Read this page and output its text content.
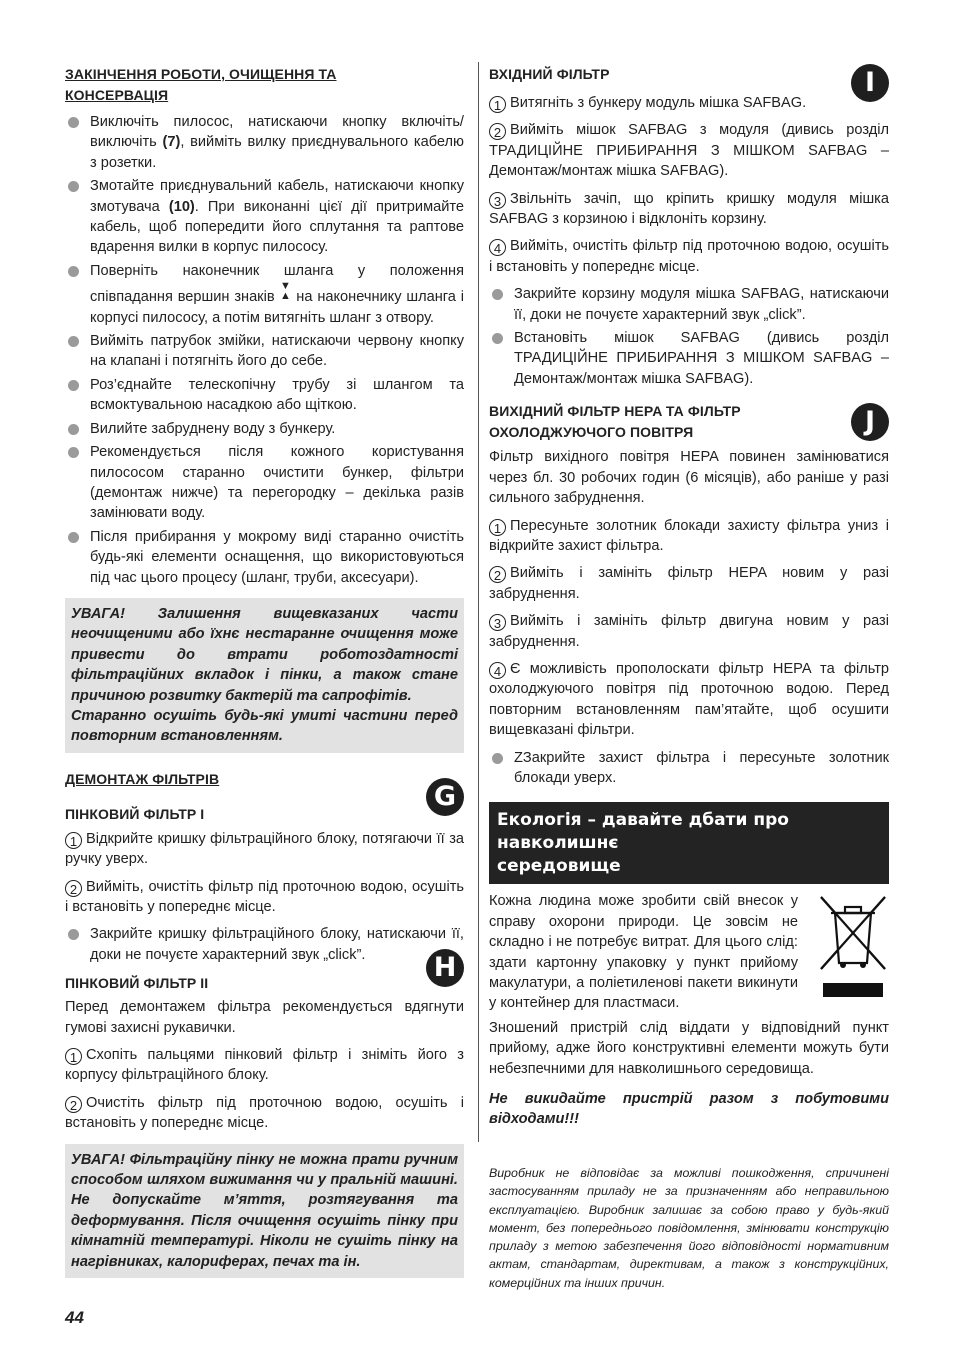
ЗАКІНЧЕННЯ РОБОТИ, ОЧИЩЕННЯ ТА
КОНСЕРВАЦІЯ
Виключіть пилосос, натискаючи кнопку включіть/виключіть (7), вийміть вилку приєднувального кабелю з розетки.
Змотайте приєднувальний кабель, натискаючи кнопку змотувача (10). При виконанні цієї дії притримайте кабель, щоб попередити його сплутання та раптове вдарення вилки в корпус пилососу.
Поверніть наконечник шланга у положення співпадання вершин знаків ▼
▲ на наконечнику шланга і корпусі пилососу, а потім витягніть шланг з отвору.
Вийміть патрубок змійки, натискаючи червону кнопку на клапані і потягніть його до себе.
Роз’єднайте телескопічну трубу зі шлангом та всмоктувальною насадкою або щіткою.
Вилийте забруднену воду з бункеру.
Рекомендується після кожного користування пилососом старанно очистити бункер, фільтри (демонтаж нижче) та перегородку – декілька разів замінювати воду.
Після прибирання у мокрому виді старанно очистіть будь-які елементи оснащення, що використовуються під час цього процесу (шланг, труби, аксесуари).
УВАГА! Залишення вищевказаних части неочищеними або їхнє нестаранне очищення може привести до втрати роботоздатності фільтраційних вкладок і пінки, а також стане причиною розвитку бактерій та сапрофітів.
Старанно осушіть будь-які умиті частини перед повторним встановленням.
ДЕМОНТАЖ ФІЛЬТРІВ
ПІНКОВИЙ ФІЛЬТР I
G
1 Відкрийте кришку фільтраційного блоку, потягаючи її за ручку уверх.
2 Вийміть, очистіть фільтр під проточною водою, осушіть і встановіть у попереднє місце.
Закрийте кришку фільтраційного блоку, натискаючи її, доки не почуєте характерний звук „click”.
ПІНКОВИЙ ФІЛЬТР II	H
Перед демонтажем фільтра рекомендується вдягнути гумові захисні рукавички.
1 Схопіть пальцями пінковий фільтр і зніміть його з корпусу фільтраційного блоку.
2 Очистіть фільтр під проточною водою, осушіть і встановіть у попереднє місце.
УВАГА! Фільтраційну пінку не можна прати ручним способом шляхом вижимання чи у пральній машині. Не допускайте м’яття, розтягування та деформування. Після очищення осушіть пінку при кімнатній температурі. Ніколи не сушіть пінку на нагрівниках, калориферах, печах та ін.
ВХІДНИЙ ФІЛЬТР	I
1 Витягніть з бункеру модуль мішка SAFBAG.
2 Вийміть мішок SAFBAG з модуля (дивись розділ ТРАДИЦІЙНЕ ПРИБИРАННЯ З МІШКОМ SAFBAG – Демонтаж/монтаж мішка SAFBAG).
3 Звільніть зачіп, що кріпить кришку модуля мішка SAFBAG з корзиною і відклоніть корзину.
4 Вийміть, очистіть фільтр під проточною водою, осушіть і встановіть у попереднє місце.
Закрийте корзину модуля мішка SAFBAG, натискаючи її, доки не почуєте характерний звук „click”.
Встановіть мішок SAFBAG (дивись розділ ТРАДИЦІЙНЕ ПРИБИРАННЯ З МІШКОМ SAFBAG – Демонтаж/монтаж мішка SAFBAG).
ВИХІДНИЙ ФІЛЬТР HEPA ТА ФІЛЬТР
ОХОЛОДЖУЮЧОГО ПОВІТРЯ	J
Фільтр вихідного повітря HEPA повинен замінюватися через бл. 30 робочих годин (6 місяців), або раніше у разі сильного забруднення.
1 Пересуньте золотник блокади захисту фільтра униз і відкрийте захист фільтра.
2 Вийміть і замініть фільтр HEPA новим у разі забруднення.
3 Вийміть і замініть фільтр двигуна новим у разі забруднення.
4 Є можливість прополоскати фільтр HEPA та фільтр охолоджуючого повітря під проточною водою. Перед повторним встановленням пам’ятайте, щоб осушити вищевказані фільтри.
ZЗакрийте захист фільтра і пересуньте золотник блокади уверх.
Екологія – давайте дбати про навколишнє
середовище
Кожна людина може зробити свій внесок у справу охорони природи. Це зовсім не складно і не потребує витрат. Для цього слід: здати картонну упаковку у пункт прийому макулатури, а поліетиленові пакети викинути у контейнер для пластмаси.
Зношений пристрій слід віддати у відповідний пункт прийому, адже його конструктивні елементи можуть бути небезпечними для навколишнього середовища.
Не викидайте пристрій разом з побутовими відходами!!!
Виробник не відповідає за можливі пошкодження, спричинені застосуванням приладу не за призначенням або неправильною експлуатацією. Виробник залишає за собою право у будь-який момент, без попереднього повідомлення, змінювати конструкцію приладу з метою забезпечення його відповідності нормативним актам, стандартам, директивам, а також з конструкційних, комерційних та інших причин.
44
